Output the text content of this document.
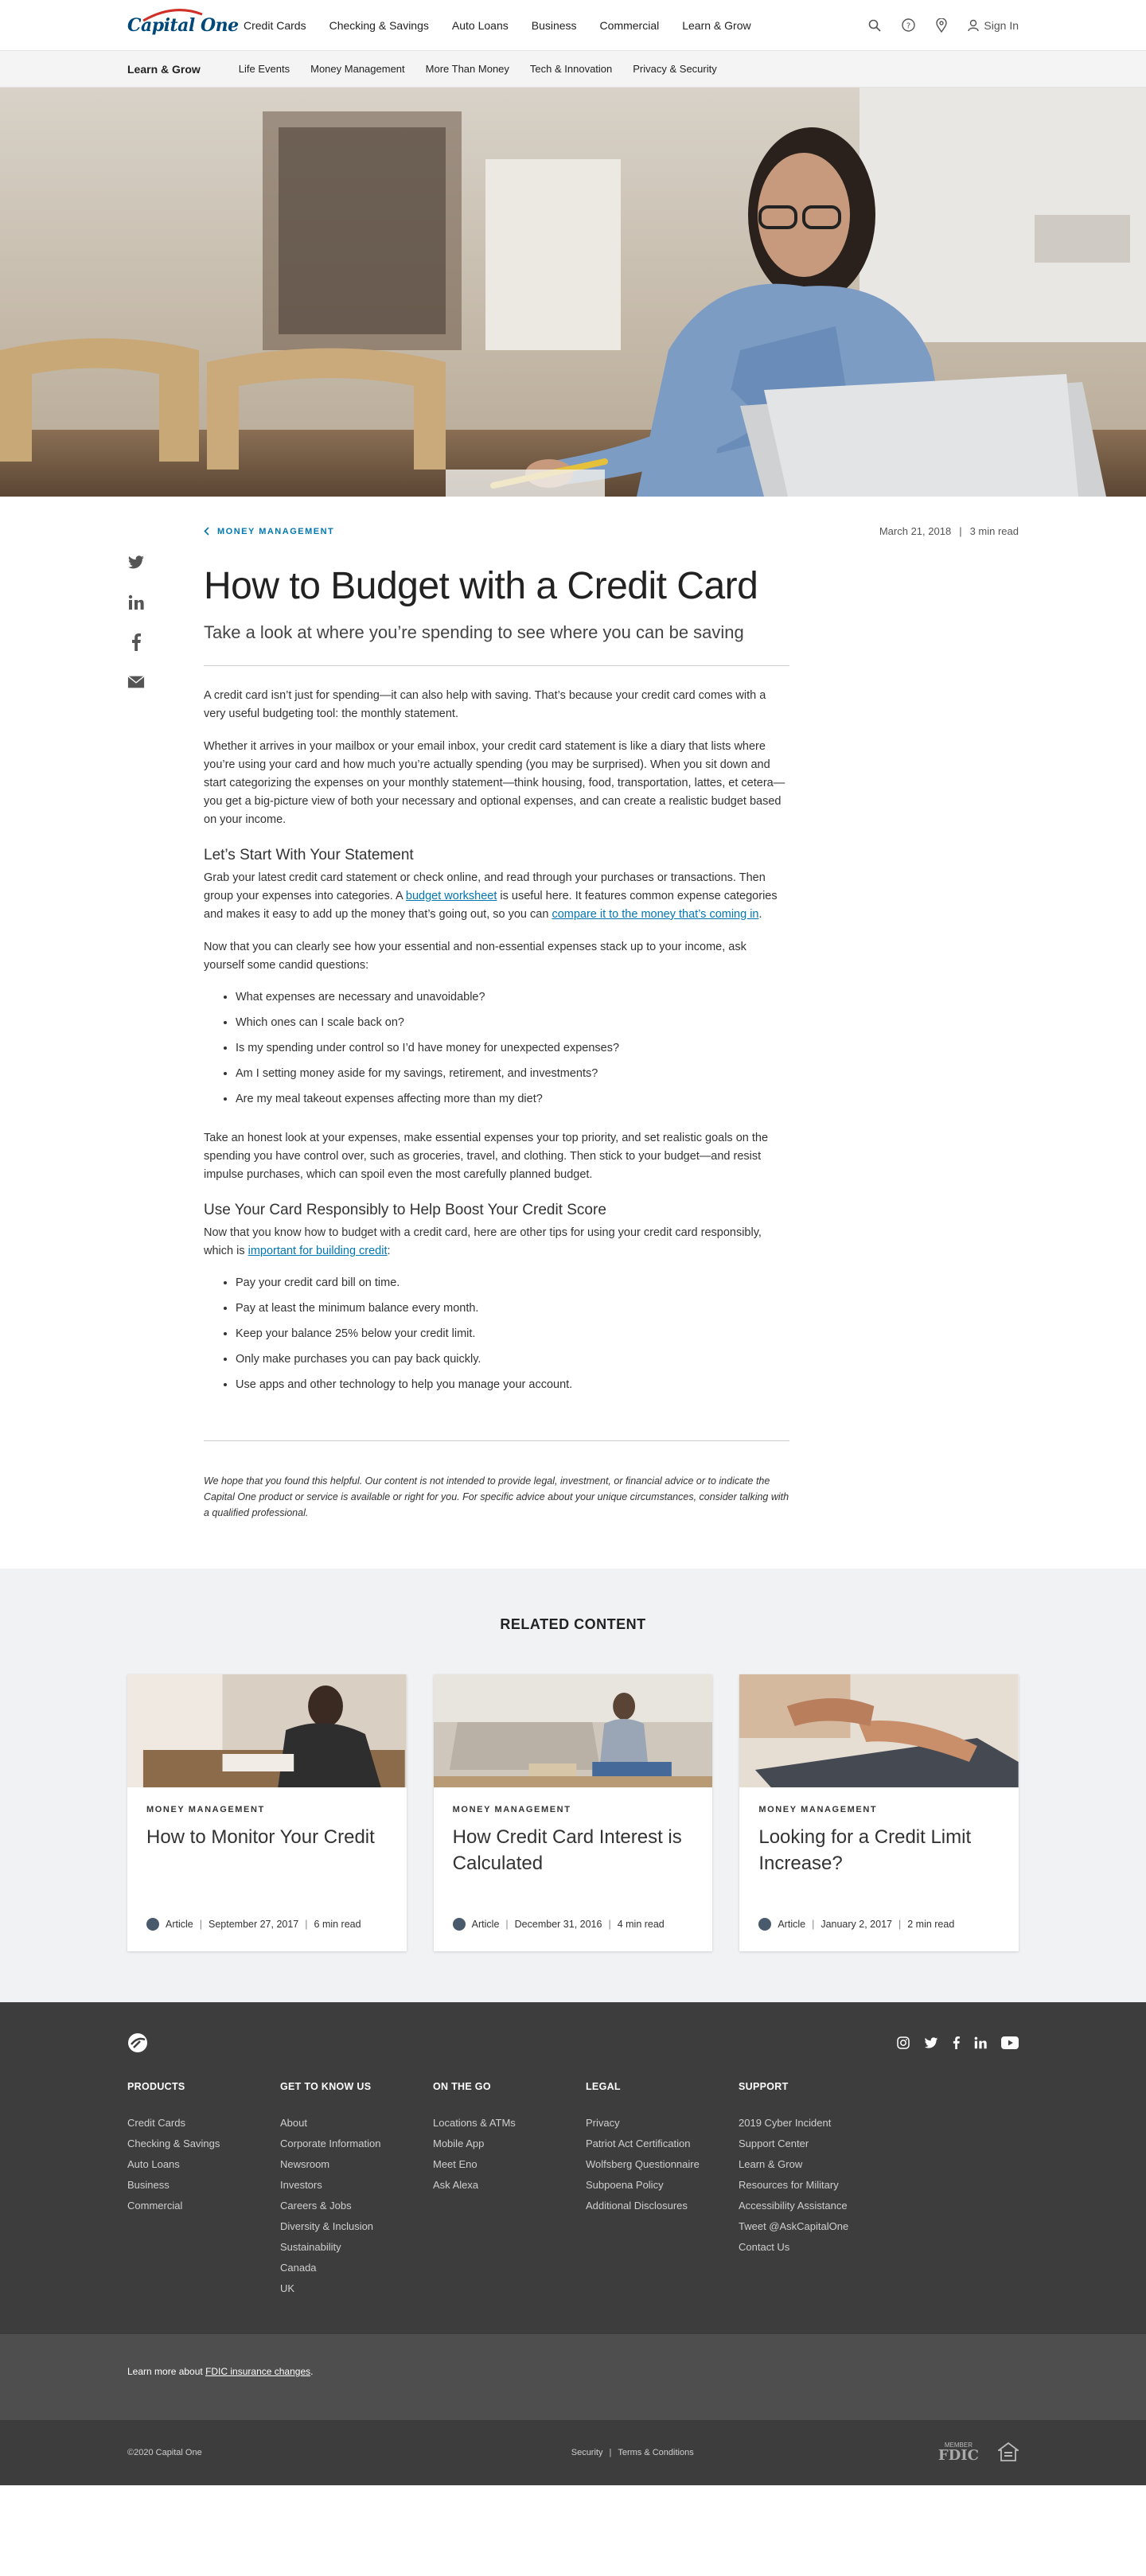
Capital One Credit Cards Checking & Savings Auto Loans Business Commercial Learn & Grow	?	Sign In
Learn & Grow	Life Events Money Management More Than Money Tech & Innovation Privacy & Security
MONEY MANAGEMENT	March 21, 2018 | 3 min read
How to Budget with a Credit Card

Take a look at where you’re spending to see where you can be saving

A credit card isn’t just for spending—it can also help with saving. That’s because your credit card comes with a very useful budgeting tool: the monthly statement.

Whether it arrives in your mailbox or your email inbox, your credit card statement is like a diary that lists where you’re using your card and how much you’re actually spending (you may be surprised). When you sit down and start categorizing the expenses on your monthly statement—think housing, food, transportation, lattes, et cetera—you get a big-picture view of both your necessary and optional expenses, and can create a realistic budget based on your income.

Let’s Start With Your Statement

Grab your latest credit card statement or check online, and read through your purchases or transactions. Then group your expenses into categories. A budget worksheet is useful here. It features common expense categories and makes it easy to add up the money that’s going out, so you can compare it to the money that’s coming in.

Now that you can clearly see how your essential and non-essential expenses stack up to your income, ask yourself some candid questions:

• What expenses are necessary and unavoidable?
• Which ones can I scale back on?
• Is my spending under control so I’d have money for unexpected expenses?
• Am I setting money aside for my savings, retirement, and investments?
• Are my meal takeout expenses affecting more than my diet?

Take an honest look at your expenses, make essential expenses your top priority, and set realistic goals on the spending you have control over, such as groceries, travel, and clothing. Then stick to your budget—and resist impulse purchases, which can spoil even the most carefully planned budget.

Use Your Card Responsibly to Help Boost Your Credit Score

Now that you know how to budget with a credit card, here are other tips for using your credit card responsibly, which is important for building credit:

• Pay your credit card bill on time.
• Pay at least the minimum balance every month.
• Keep your balance 25% below your credit limit.
• Only make purchases you can pay back quickly.
• Use apps and other technology to help you manage your account.

We hope that you found this helpful. Our content is not intended to provide legal, investment, or financial advice or to indicate the Capital One product or service is available or right for you. For specific advice about your unique circumstances, consider talking with a qualified professional.

RELATED CONTENT
MONEY MANAGEMENT
How to Monitor Your Credit
Article | September 27, 2017 | 6 min read
MONEY MANAGEMENT
How Credit Card Interest is Calculated
Article | December 31, 2016 | 4 min read
MONEY MANAGEMENT
Looking for a Credit Limit Increase?
Article | January 2, 2017 | 2 min read
PRODUCTS
Credit Cards
Checking & Savings
Auto Loans
Business
Commercial
GET TO KNOW US
About
Corporate Information
Newsroom
Investors
Careers & Jobs
Diversity & Inclusion
Sustainability
Canada
UK
ON THE GO
Locations & ATMs
Mobile App
Meet Eno
Ask Alexa
LEGAL
Privacy
Patriot Act Certification
Wolfsberg Questionnaire
Subpoena Policy
Additional Disclosures
SUPPORT
2019 Cyber Incident
Support Center
Learn & Grow
Resources for Military
Accessibility Assistance
Tweet @AskCapitalOne
Contact Us
Learn more about FDIC insurance changes.
©2020 Capital One	Security | Terms & Conditions
MEMBER
FDIC
